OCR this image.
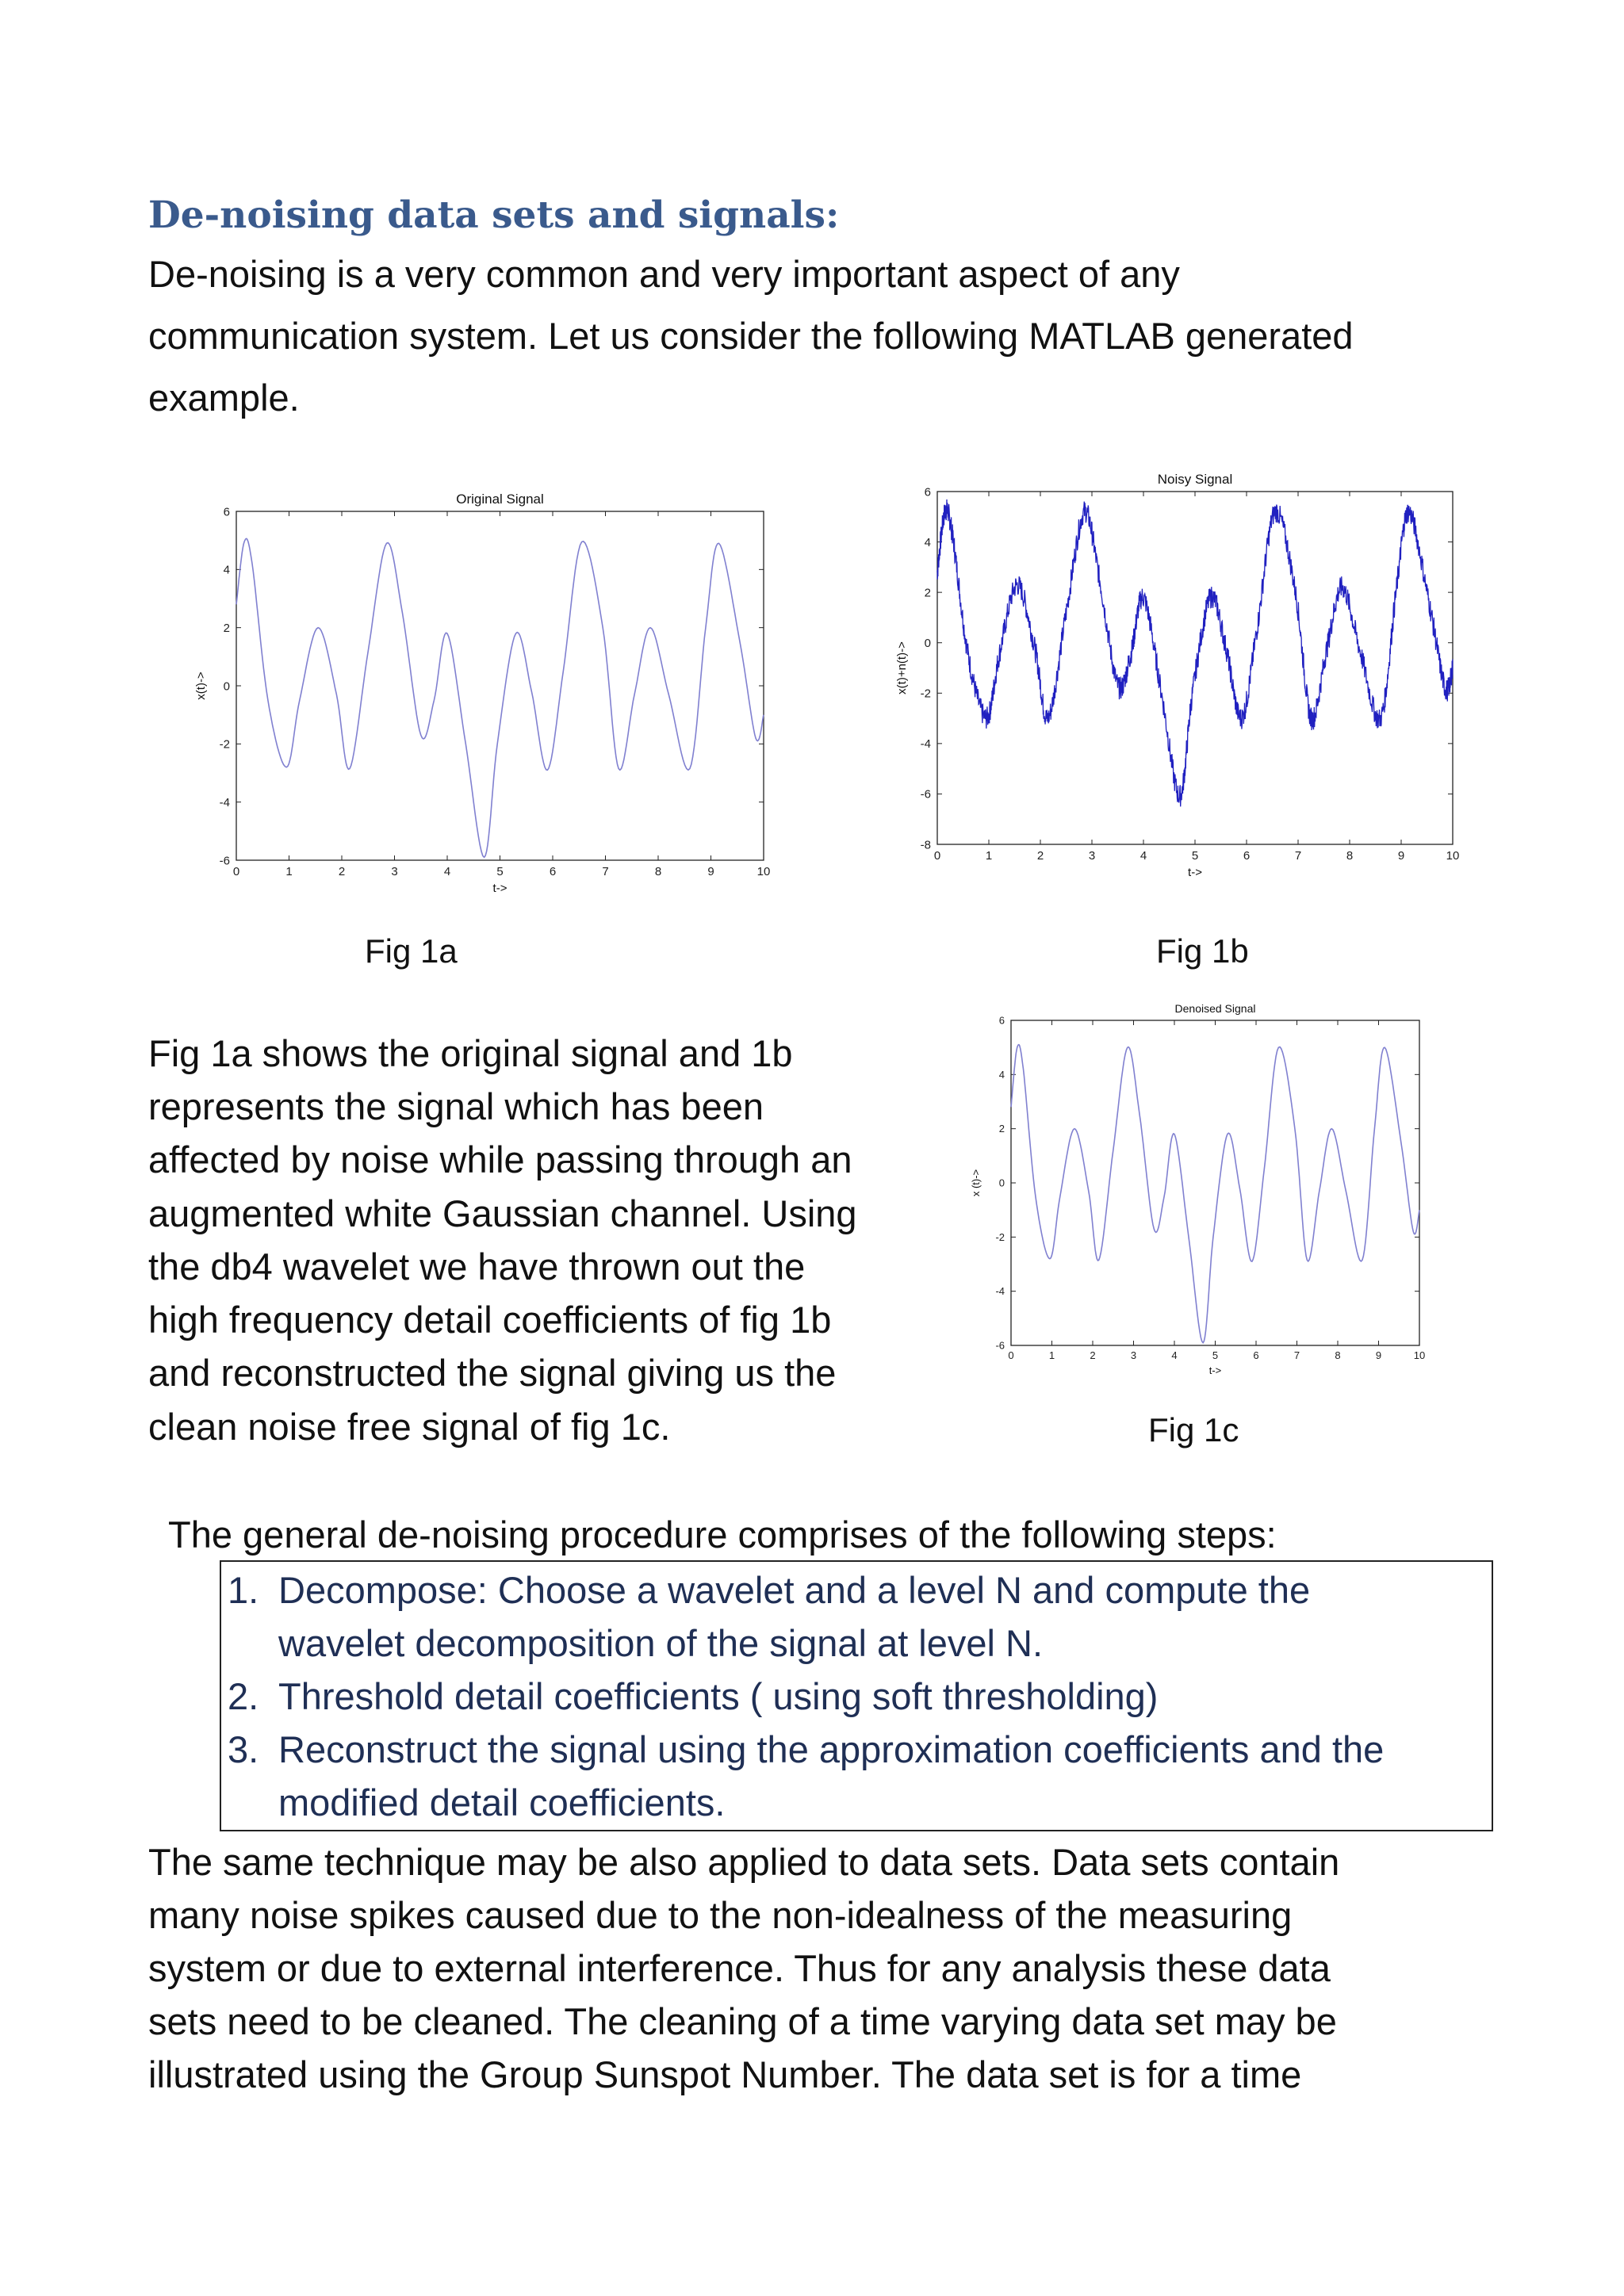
De-noising data sets and signals:
De-noising is a very common and very important aspect of any
communication system. Let us consider the following MATLAB generated
example.
0	1	2	3	4	5	6	7	8	9	10
-6
-4
-2
0
2
4
6
Original Signal
t->
x(t)->
Fig 1a
0	1	2	3	4	5	6	7	8	9	10
-8
-6
-4
-2
0
2
4
6
Noisy Signal
t->
x(t)+n(t)->
Fig 1b
Fig 1a shows the original signal and 1b
represents the signal which has been
affected by noise while passing through an
augmented white Gaussian channel. Using
the db4 wavelet we have thrown out the
high frequency detail coefficients of fig 1b
and reconstructed the signal giving us the
clean noise free signal of fig 1c.
0	1	2	3	4	5	6	7	8	9	10
-6
-4
-2
0
2
4
6
Denoised Signal
t->
x (t)->
Fig 1c
The general de-noising procedure comprises of the following steps:
1. Decompose: Choose a wavelet and a level N and compute the
wavelet decomposition of the signal at level N.
2. Threshold detail coefficients ( using soft thresholding)
3. Reconstruct the signal using the approximation coefficients and the
modified detail coefficients.
The same technique may be also applied to data sets. Data sets contain
many noise spikes caused due to the non-idealness of the measuring
system or due to external interference. Thus for any analysis these data
sets need to be cleaned. The cleaning of a time varying data set may be
illustrated using the Group Sunspot Number. The data set is for a time
